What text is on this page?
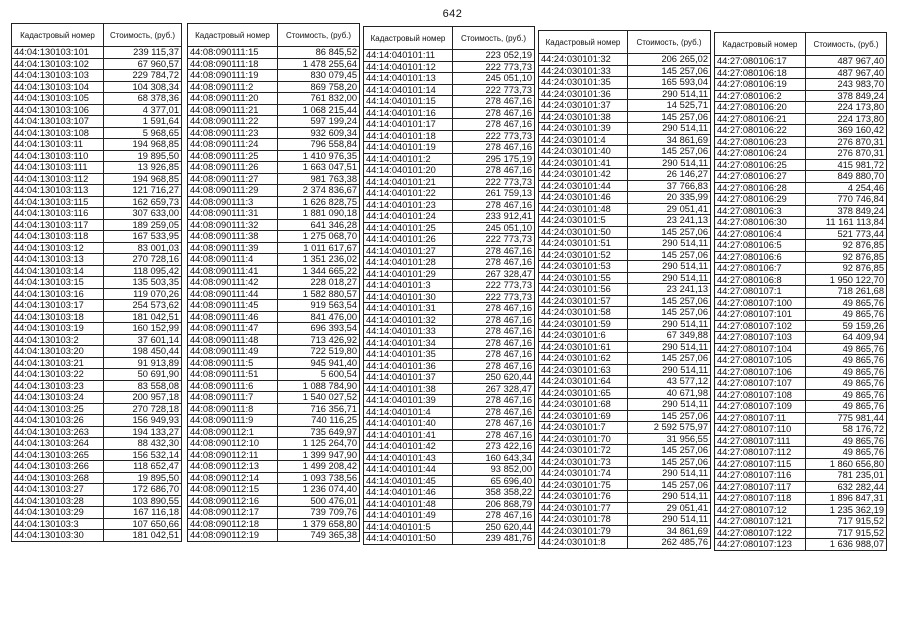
642
Кадастровый номер	Стоимость, (руб.)
44:04:130103:101	239 115,37
44:04:130103:102	67 960,57
44:04:130103:103	229 784,72
44:04:130103:104	104 308,34
44:04:130103:105	68 378,36
44:04:130103:106	4 377,01
44:04:130103:107	1 591,64
44:04:130103:108	5 968,65
44:04:130103:11	194 968,85
44:04:130103:110	19 895,50
44:04:130103:111	13 926,85
44:04:130103:112	194 968,85
44:04:130103:113	121 716,27
44:04:130103:115	162 659,73
44:04:130103:116	307 633,00
44:04:130103:117	189 259,05
44:04:130103:118	167 533,95
44:04:130103:12	83 001,03
44:04:130103:13	270 728,16
44:04:130103:14	118 095,42
44:04:130103:15	135 503,35
44:04:130103:16	119 070,26
44:04:130103:17	254 573,62
44:04:130103:18	181 042,51
44:04:130103:19	160 152,99
44:04:130103:2	37 601,14
44:04:130103:20	198 450,44
44:04:130103:21	91 913,89
44:04:130103:22	50 691,90
44:04:130103:23	83 558,08
44:04:130103:24	200 957,18
44:04:130103:25	270 728,18
44:04:130103:26	156 949,93
44:04:130103:263	194 133,27
44:04:130103:264	88 432,30
44:04:130103:265	156 532,14
44:04:130103:266	118 652,47
44:04:130103:268	19 895,50
44:04:130103:27	172 686,70
44:04:130103:28	103 890,55
44:04:130103:29	167 116,18
44:04:130103:3	107 650,66
44:04:130103:30	181 042,51
Кадастровый номер	Стоимость, (руб.)
44:08:090111:15	86 845,52
44:08:090111:18	1 478 255,64
44:08:090111:19	830 079,45
44:08:090111:2	869 758,20
44:08:090111:20	761 832,00
44:08:090111:21	1 068 215,44
44:08:090111:22	597 199,24
44:08:090111:23	932 609,34
44:08:090111:24	796 558,84
44:08:090111:25	1 410 976,35
44:08:090111:26	1 663 047,51
44:08:090111:27	981 763,38
44:08:090111:29	2 374 836,67
44:08:090111:3	1 626 828,75
44:08:090111:31	1 881 090,18
44:08:090111:32	641 346,28
44:08:090111:38	1 275 068,70
44:08:090111:39	1 011 617,67
44:08:090111:4	1 351 236,02
44:08:090111:41	1 344 665,22
44:08:090111:42	228 018,27
44:08:090111:44	1 582 880,57
44:08:090111:45	919 563,54
44:08:090111:46	841 476,00
44:08:090111:47	696 393,54
44:08:090111:48	713 426,92
44:08:090111:49	722 519,80
44:08:090111:5	945 941,40
44:08:090111:51	5 600,54
44:08:090111:6	1 088 784,90
44:08:090111:7	1 540 027,52
44:08:090111:8	716 356,71
44:08:090111:9	740 116,25
44:08:090112:1	735 649,97
44:08:090112:10	1 125 264,70
44:08:090112:11	1 399 947,90
44:08:090112:13	1 499 208,42
44:08:090112:14	1 093 738,56
44:08:090112:15	1 236 074,40
44:08:090112:16	500 476,01
44:08:090112:17	739 709,76
44:08:090112:18	1 379 658,80
44:08:090112:19	749 365,38
Кадастровый номер	Стоимость, (руб.)
44:14:040101:11	223 052,19
44:14:040101:12	222 773,73
44:14:040101:13	245 051,10
44:14:040101:14	222 773,73
44:14:040101:15	278 467,16
44:14:040101:16	278 467,16
44:14:040101:17	278 467,16
44:14:040101:18	222 773,73
44:14:040101:19	278 467,16
44:14:040101:2	295 175,19
44:14:040101:20	278 467,16
44:14:040101:21	222 773,73
44:14:040101:22	261 759,13
44:14:040101:23	278 467,16
44:14:040101:24	233 912,41
44:14:040101:25	245 051,10
44:14:040101:26	222 773,73
44:14:040101:27	278 467,16
44:14:040101:28	278 467,16
44:14:040101:29	267 328,47
44:14:040101:3	222 773,73
44:14:040101:30	222 773,73
44:14:040101:31	278 467,16
44:14:040101:32	278 467,16
44:14:040101:33	278 467,16
44:14:040101:34	278 467,16
44:14:040101:35	278 467,16
44:14:040101:36	278 467,16
44:14:040101:37	250 620,44
44:14:040101:38	267 328,47
44:14:040101:39	278 467,16
44:14:040101:4	278 467,16
44:14:040101:40	278 467,16
44:14:040101:41	278 467,16
44:14:040101:42	273 422,16
44:14:040101:43	160 643,34
44:14:040101:44	93 852,00
44:14:040101:45	65 696,40
44:14:040101:46	358 358,22
44:14:040101:48	206 868,79
44:14:040101:49	278 467,16
44:14:040101:5	250 620,44
44:14:040101:50	239 481,76
Кадастровый номер	Стоимость, (руб.)
44:24:030101:32	206 265,02
44:24:030101:33	145 257,06
44:24:030101:35	165 593,04
44:24:030101:36	290 514,11
44:24:030101:37	14 525,71
44:24:030101:38	145 257,06
44:24:030101:39	290 514,11
44:24:030101:4	34 861,69
44:24:030101:40	145 257,06
44:24:030101:41	290 514,11
44:24:030101:42	26 146,27
44:24:030101:44	37 766,83
44:24:030101:46	20 335,99
44:24:030101:48	29 051,41
44:24:030101:5	23 241,13
44:24:030101:50	145 257,06
44:24:030101:51	290 514,11
44:24:030101:52	145 257,06
44:24:030101:53	290 514,11
44:24:030101:55	290 514,11
44:24:030101:56	23 241,13
44:24:030101:57	145 257,06
44:24:030101:58	145 257,06
44:24:030101:59	290 514,11
44:24:030101:6	67 349,88
44:24:030101:61	290 514,11
44:24:030101:62	145 257,06
44:24:030101:63	290 514,11
44:24:030101:64	43 577,12
44:24:030101:65	40 671,98
44:24:030101:68	290 514,11
44:24:030101:69	145 257,06
44:24:030101:7	2 592 575,97
44:24:030101:70	31 956,55
44:24:030101:72	145 257,06
44:24:030101:73	145 257,06
44:24:030101:74	290 514,11
44:24:030101:75	145 257,06
44:24:030101:76	290 514,11
44:24:030101:77	29 051,41
44:24:030101:78	290 514,11
44:24:030101:79	34 861,69
44:24:030101:8	262 485,76
Кадастровый номер	Стоимость, (руб.)
44:27:080106:17	487 967,40
44:27:080106:18	487 967,40
44:27:080106:19	243 983,70
44:27:080106:2	378 849,24
44:27:080106:20	224 173,80
44:27:080106:21	224 173,80
44:27:080106:22	369 160,42
44:27:080106:23	276 870,31
44:27:080106:24	276 870,31
44:27:080106:25	415 981,72
44:27:080106:27	849 880,70
44:27:080106:28	4 254,46
44:27:080106:29	770 746,84
44:27:080106:3	378 849,24
44:27:080106:30	11 161 113,84
44:27:080106:4	521 773,44
44:27:080106:5	92 876,85
44:27:080106:6	92 876,85
44:27:080106:7	92 876,85
44:27:080106:8	1 950 122,70
44:27:080107:1	718 261,68
44:27:080107:100	49 865,76
44:27:080107:101	49 865,76
44:27:080107:102	59 159,26
44:27:080107:103	64 409,94
44:27:080107:104	49 865,76
44:27:080107:105	49 865,76
44:27:080107:106	49 865,76
44:27:080107:107	49 865,76
44:27:080107:108	49 865,76
44:27:080107:109	49 865,76
44:27:080107:11	775 981,44
44:27:080107:110	58 176,72
44:27:080107:111	49 865,76
44:27:080107:112	49 865,76
44:27:080107:115	1 860 656,80
44:27:080107:116	781 235,01
44:27:080107:117	632 282,44
44:27:080107:118	1 896 847,31
44:27:080107:12	1 235 362,19
44:27:080107:121	717 915,52
44:27:080107:122	717 915,52
44:27:080107:123	1 636 988,07
